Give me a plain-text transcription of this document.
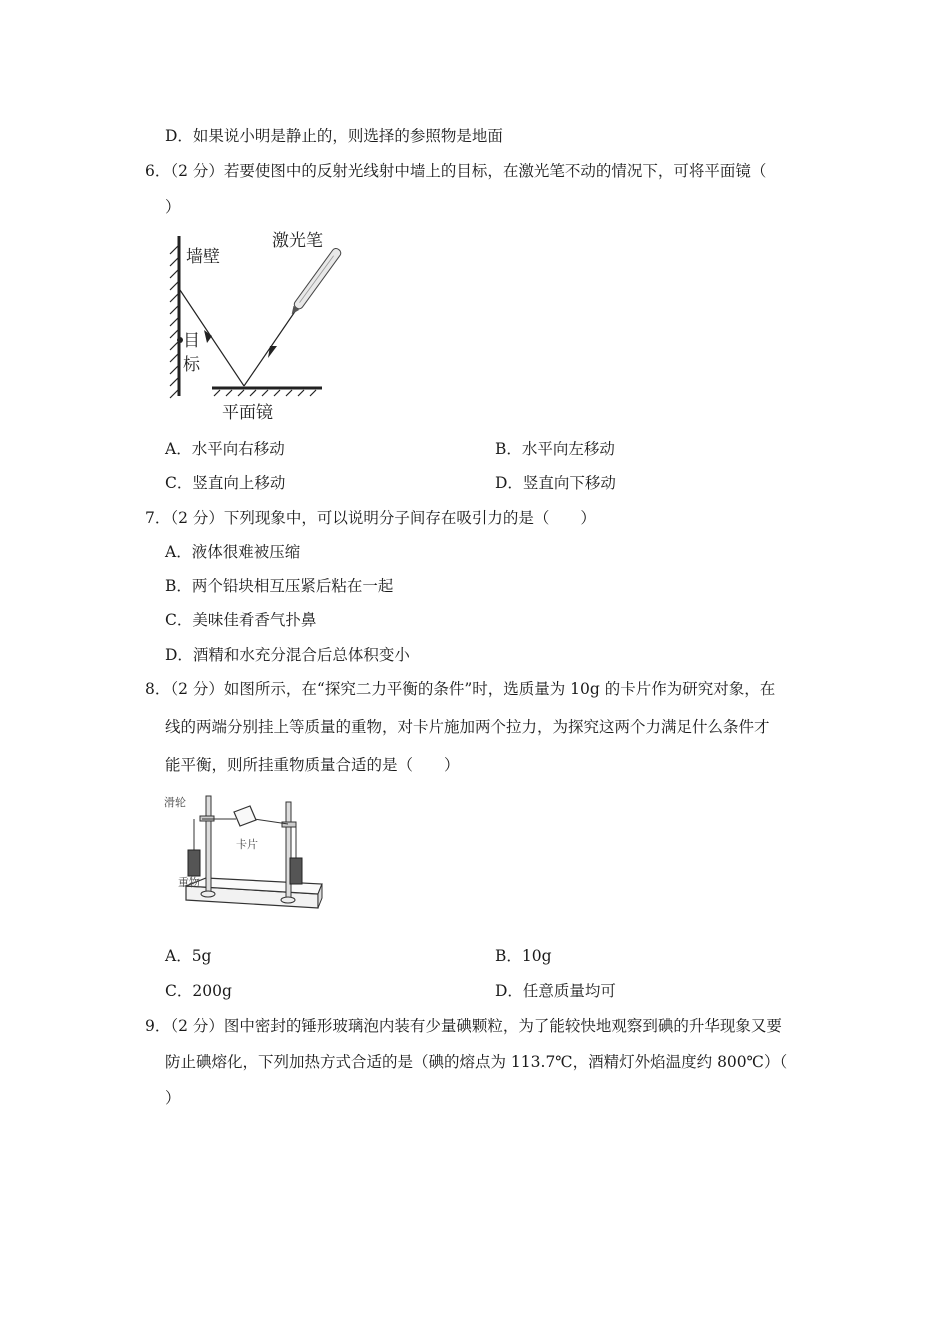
D．如果说小明是静止的，则选择的参照物是地面
6．（2 分）若要使图中的反射光线射中墙上的目标，在激光笔不动的情况下，可将平面镜（
）
墙壁
激光笔
目
标
平面镜
A．水平向右移动	B．水平向左移动
C．竖直向上移动	D．竖直向下移动
7．（2 分）下列现象中，可以说明分子间存在吸引力的是（　　）
A．液体很难被压缩
B．两个铅块相互压紧后粘在一起
C．美味佳肴香气扑鼻
D．酒精和水充分混合后总体积变小
8．（2 分）如图所示，在“探究二力平衡的条件”时，选质量为 10g 的卡片作为研究对象，在
线的两端分别挂上等质量的重物，对卡片施加两个拉力，为探究这两个力满足什么条件才
能平衡，则所挂重物质量合适的是（　　）
滑轮
卡片
重物
A．5g	B．10g
C．200g	D．任意质量均可
9．（2 分）图中密封的锤形玻璃泡内装有少量碘颗粒，为了能较快地观察到碘的升华现象又要
防止碘熔化，下列加热方式合适的是（碘的熔点为 113.7℃，酒精灯外焰温度约 800℃）（
）
